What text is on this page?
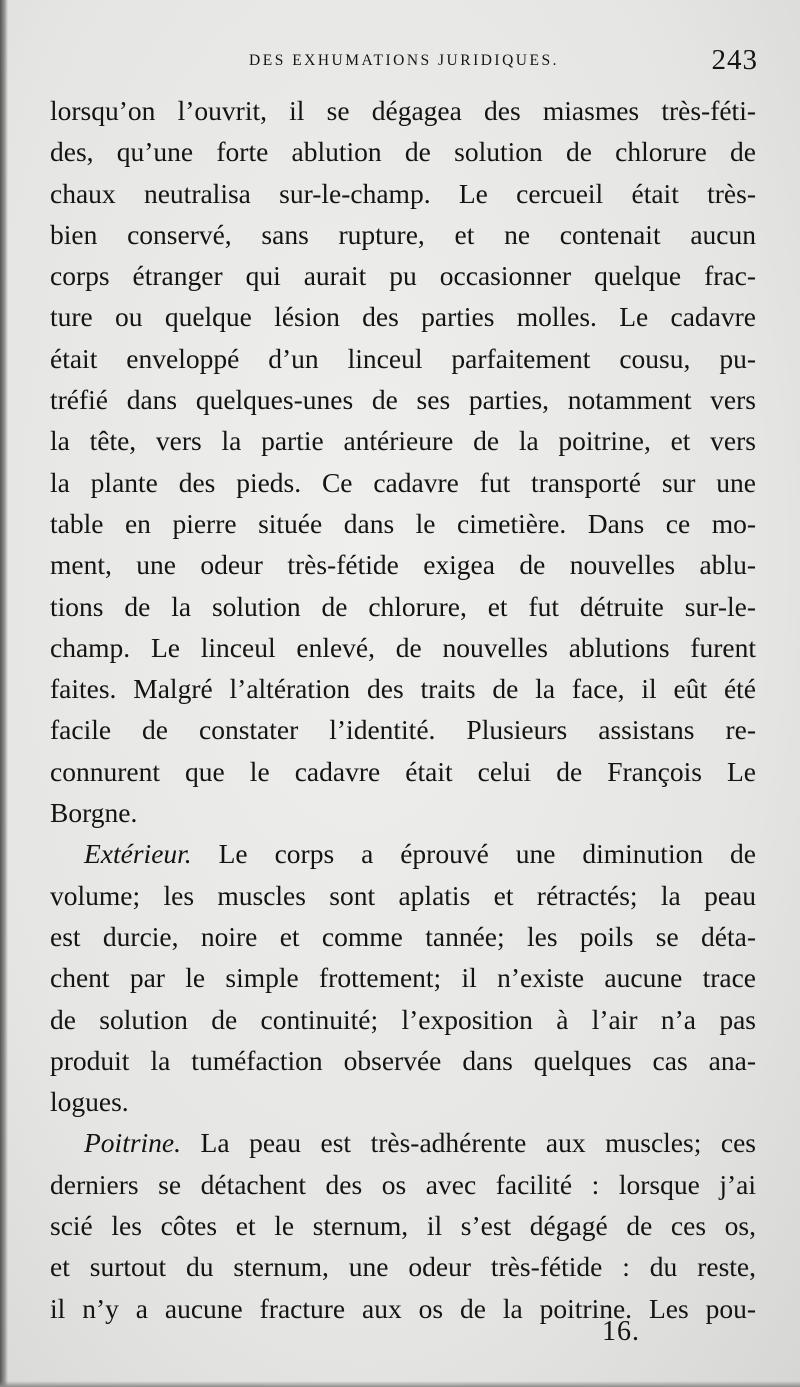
DES EXHUMATIONS JURIDIQUES.	243
lorsqu’on l’ouvrit, il se dégagea des miasmes très-féti-
des, qu’une forte ablution de solution de chlorure de
chaux neutralisa sur-le-champ. Le cercueil était très-
bien conservé, sans rupture, et ne contenait aucun
corps étranger qui aurait pu occasionner quelque frac-
ture ou quelque lésion des parties molles. Le cadavre
était enveloppé d’un linceul parfaitement cousu, pu-
tréfié dans quelques-unes de ses parties, notamment vers
la tête, vers la partie antérieure de la poitrine, et vers
la plante des pieds. Ce cadavre fut transporté sur une
table en pierre située dans le cimetière. Dans ce mo-
ment, une odeur très-fétide exigea de nouvelles ablu-
tions de la solution de chlorure, et fut détruite sur-le-
champ. Le linceul enlevé, de nouvelles ablutions furent
faites. Malgré l’altération des traits de la face, il eût été
facile de constater l’identité. Plusieurs assistans re-
connurent que le cadavre était celui de François Le
Borgne.
Extérieur. Le corps a éprouvé une diminution de
volume; les muscles sont aplatis et rétractés; la peau
est durcie, noire et comme tannée; les poils se déta-
chent par le simple frottement; il n’existe aucune trace
de solution de continuité; l’exposition à l’air n’a pas
produit la tuméfaction observée dans quelques cas ana-
logues.
Poitrine. La peau est très-adhérente aux muscles; ces
derniers se détachent des os avec facilité : lorsque j’ai
scié les côtes et le sternum, il s’est dégagé de ces os,
et surtout du sternum, une odeur très-fétide : du reste,
il n’y a aucune fracture aux os de la poitrine. Les pou-
16.
